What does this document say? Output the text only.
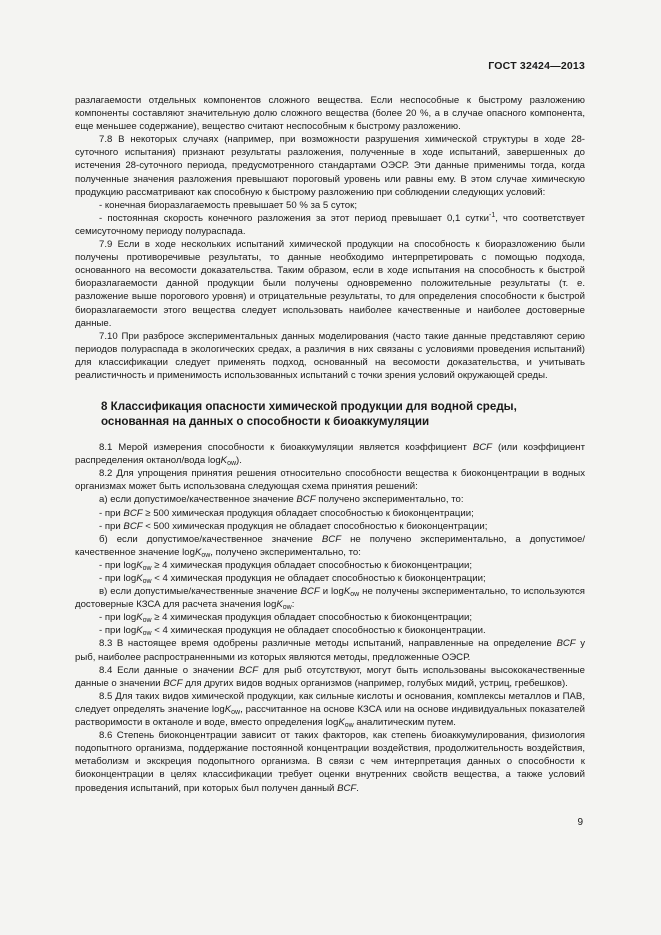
ГОСТ 32424—2013

разлагаемости отдельных компонентов сложного вещества. Если неспособные к быстрому разложению компоненты составляют значительную долю сложного вещества (более 20 %, а в случае опасного компонента, еще меньшее содержание), вещество считают неспособным к быстрому разложению.

7.8 В некоторых случаях (например, при возможности разрушения химической структуры в ходе 28-суточного испытания) признают результаты разложения, полученные в ходе испытаний, завершенных до истечения 28-суточного периода, предусмотренного стандартами ОЭСР. Эти данные применимы тогда, когда полученные значения разложения превышают пороговый уровень или равны ему. В этом случае химическую продукцию рассматривают как способную к быстрому разложению при соблюдении следующих условий:

- конечная биоразлагаемость превышает 50 % за 5 суток;

- постоянная скорость конечного разложения за этот период превышает 0,1 сутки$^{-1}$, что соответствует семисуточному периоду полураспада.

7.9 Если в ходе нескольких испытаний химической продукции на способность к биоразложению были получены противоречивые результаты, то данные необходимо интерпретировать с помощью подхода, основанного на весомости доказательства. Таким образом, если в ходе испытания на способность к быстрой биоразлагаемости данной продукции были получены одновременно положительные результаты (т. е. разложение выше порогового уровня) и отрицательные результаты, то для определения способности к быстрой биоразлагаемости этого вещества следует использовать наиболее качественные и наиболее достоверные данные.

7.10 При разбросе экспериментальных данных моделирования (часто такие данные представляют серию периодов полураспада в экологических средах, а различия в них связаны с условиями проведения испытаний) для классификации следует применять подход, основанный на весомости доказательства, и учитывать реалистичность и применимость использованных испытаний с точки зрения условий окружающей среды.

8 Классификация опасности химической продукции для водной среды, основанная на данных о способности к биоаккумуляции

8.1 Мерой измерения способности к биоаккумуляции является коэффициент BCF (или коэффициент распределения октанол/вода logK$_{ow}$).

8.2 Для упрощения принятия решения относительно способности вещества к биоконцентрации в водных организмах может быть использована следующая схема принятия решений:

а) если допустимое/качественное значение BCF получено экспериментально, то:

- при BCF ≥ 500 химическая продукция обладает способностью к биоконцентрации;

- при BCF < 500 химическая продукция не обладает способностью к биоконцентрации;

б) если допустимое/качественное значение BCF не получено экспериментально, а допустимое/качественное значение logK$_{ow}$, получено экспериментально, то:

- при logK$_{ow}$ ≥ 4 химическая продукция обладает способностью к биоконцентрации;

- при logK$_{ow}$ < 4 химическая продукция не обладает способностью к биоконцентрации;

в) если допустимые/качественные значение BCF и logK$_{ow}$ не получены экспериментально, то используются достоверные КЗСА для расчета значения logK$_{ow}$:

- при logK$_{ow}$ ≥ 4 химическая продукция обладает способностью к биоконцентрации;

- при logK$_{ow}$ < 4 химическая продукция не обладает способностью к биоконцентрации.

8.3 В настоящее время одобрены различные методы испытаний, направленные на определение BCF у рыб, наиболее распространенными из которых являются методы, предложенные ОЭСР.

8.4 Если данные о значении BCF для рыб отсутствуют, могут быть использованы высококачественные данные о значении BCF для других видов водных организмов (например, голубых мидий, устриц, гребешков).

8.5 Для таких видов химической продукции, как сильные кислоты и основания, комплексы металлов и ПАВ, следует определять значение logK$_{ow}$, рассчитанное на основе КЗСА или на основе индивидуальных показателей растворимости в октаноле и воде, вместо определения logK$_{ow}$ аналитическим путем.

8.6 Степень биоконцентрации зависит от таких факторов, как степень биоаккумулирования, физиология подопытного организма, поддержание постоянной концентрации воздействия, продолжительность воздействия, метаболизм и экскреция подопытного организма. В связи с чем интерпретация данных о способности к биоконцентрации в целях классификации требует оценки внутренних свойств вещества, а также условий проведения испытаний, при которых был получен данный BCF.

9
